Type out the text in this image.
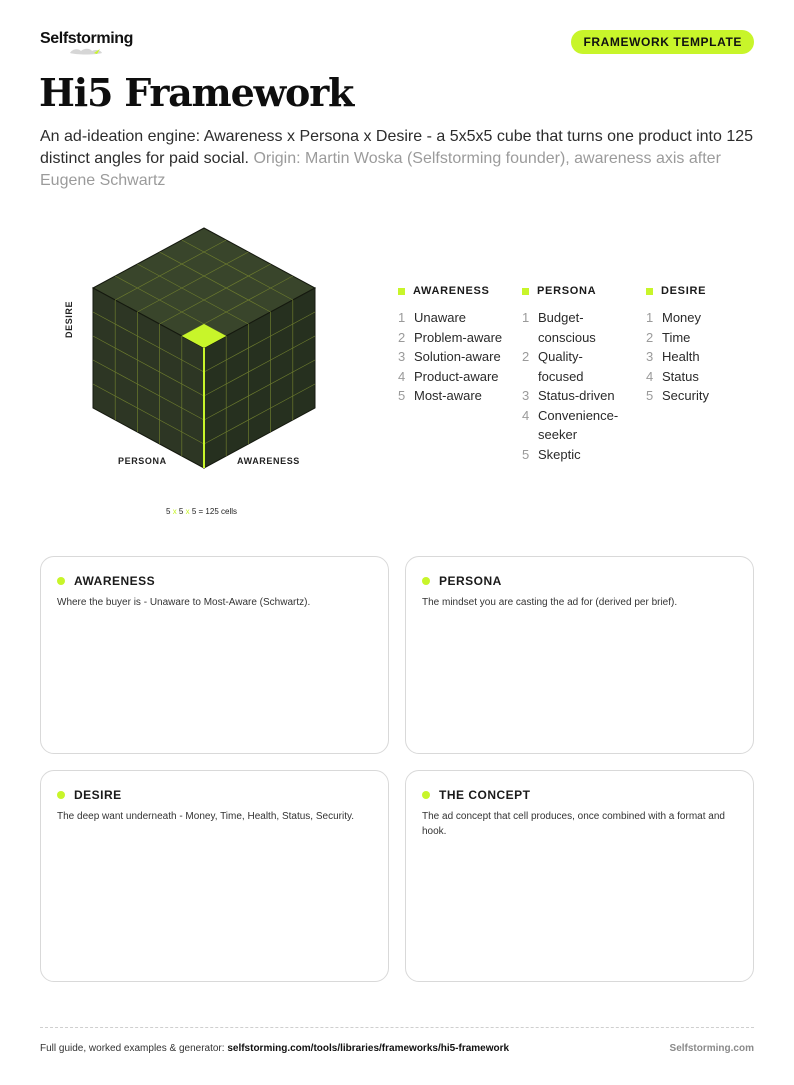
Selfstorming	FRAMEWORK TEMPLATE
Hi5 Framework

An ad-ideation engine: Awareness x Persona x Desire - a 5x5x5 cube that turns one product into 125 distinct angles for paid social. Origin: Martin Woska (Selfstorming founder), awareness axis after Eugene Schwartz

DESIRE
PERSONA	AWARENESS
5 x 5 x 5 = 125 cells
AWARENESS
1 Unaware
2 Problem-aware
3 Solution-aware
4 Product-aware
5 Most-aware
PERSONA
1 Budget-conscious
2 Quality-focused
3 Status-driven
4 Convenience-seeker
5 Skeptic
DESIRE
1 Money
2 Time
3 Health
4 Status
5 Security
AWARENESS
Where the buyer is - Unaware to Most-Aware (Schwartz).
PERSONA
The mindset you are casting the ad for (derived per brief).
DESIRE
The deep want underneath - Money, Time, Health, Status, Security.
THE CONCEPT
The ad concept that cell produces, once combined with a format and hook.
Full guide, worked examples & generator: selfstorming.com/tools/libraries/frameworks/hi5-framework	Selfstorming.com
